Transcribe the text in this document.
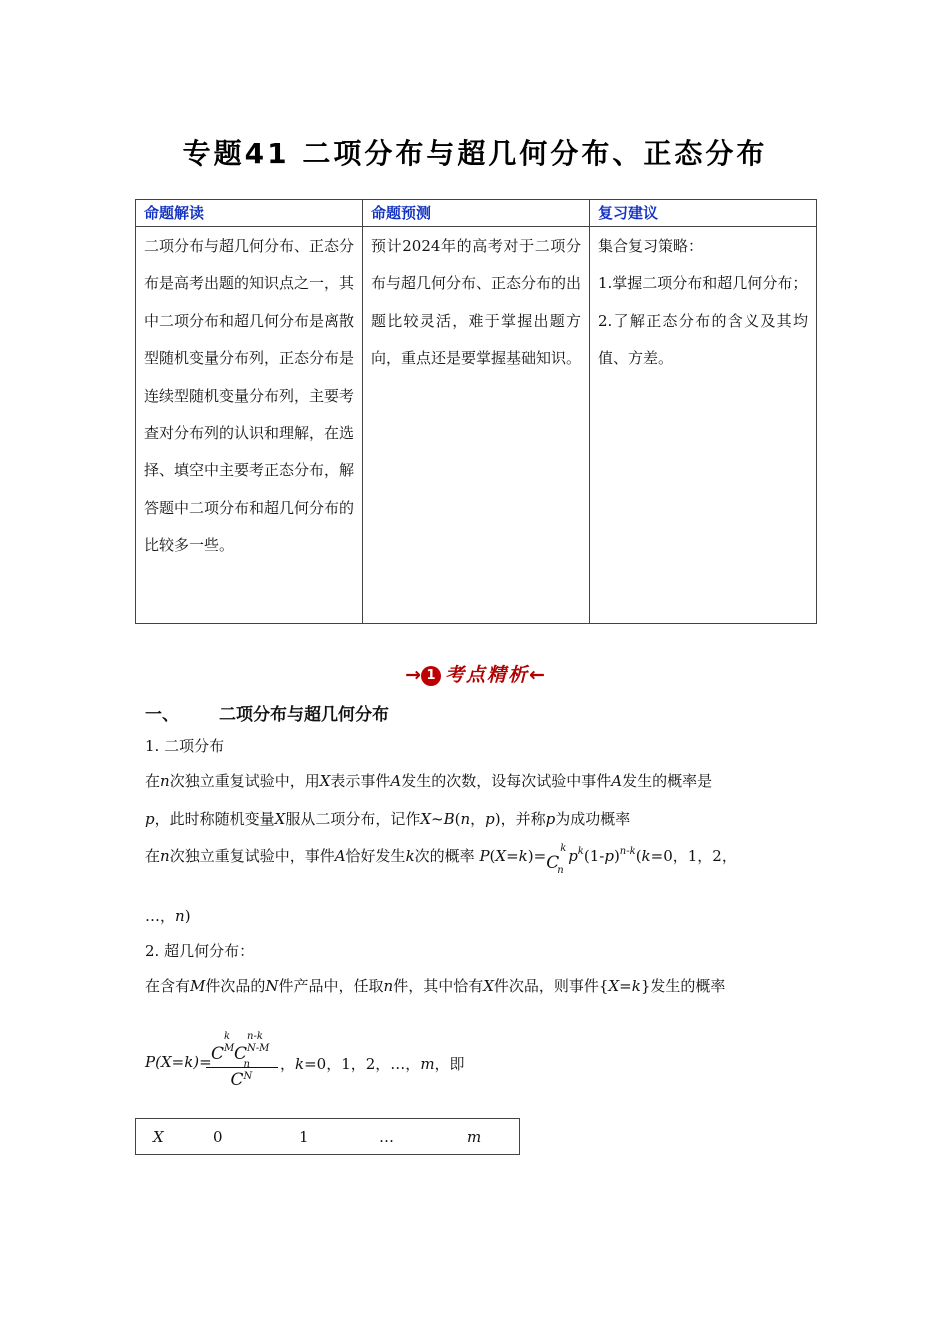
专题41 二项分布与超几何分布、正态分布
命题解读	命题预测	复习建议
二项分布与超几何分布、正态分布是高考出题的知识点之一，其中二项分布和超几何分布是离散型随机变量分布列，正态分布是连续型随机变量分布列，主要考查对分布列的认识和理解，在选择、填空中主要考正态分布，解答题中二项分布和超几何分布的比较多一些。	预计2024年的高考对于二项分布与超几何分布、正态分布的出题比较灵活，难于掌握出题方向，重点还是要掌握基础知识。	集合复习策略：

1.掌握二项分布和超几何分布；

2.了解正态分布的含义及其均值、方差。

→ 1 考点精析←
一、 二项分布与超几何分布
1. 二项分布
在n次独立重复试验中，用X表示事件A发生的次数，设每次试验中事件A发生的概率是
p，此时称随机变量X服从二项分布，记作X~B(n，p)，并称p为成功概率
在n次独立重复试验中，事件A恰好发生k次的概率 P(X=k)= C
k
n
$p^k(1-p)^{n-k}(k=0$，1，2，
…，n)
2. 超几何分布：
在含有M件次品的N件产品中，任取n件，其中恰有X件次品，则事件{X=k}发生的概率
P(X=k)= C
k
M C
n-k
N-M

C
n
N

，k=0，1，2，…，m，即
X	0	1	…	m
